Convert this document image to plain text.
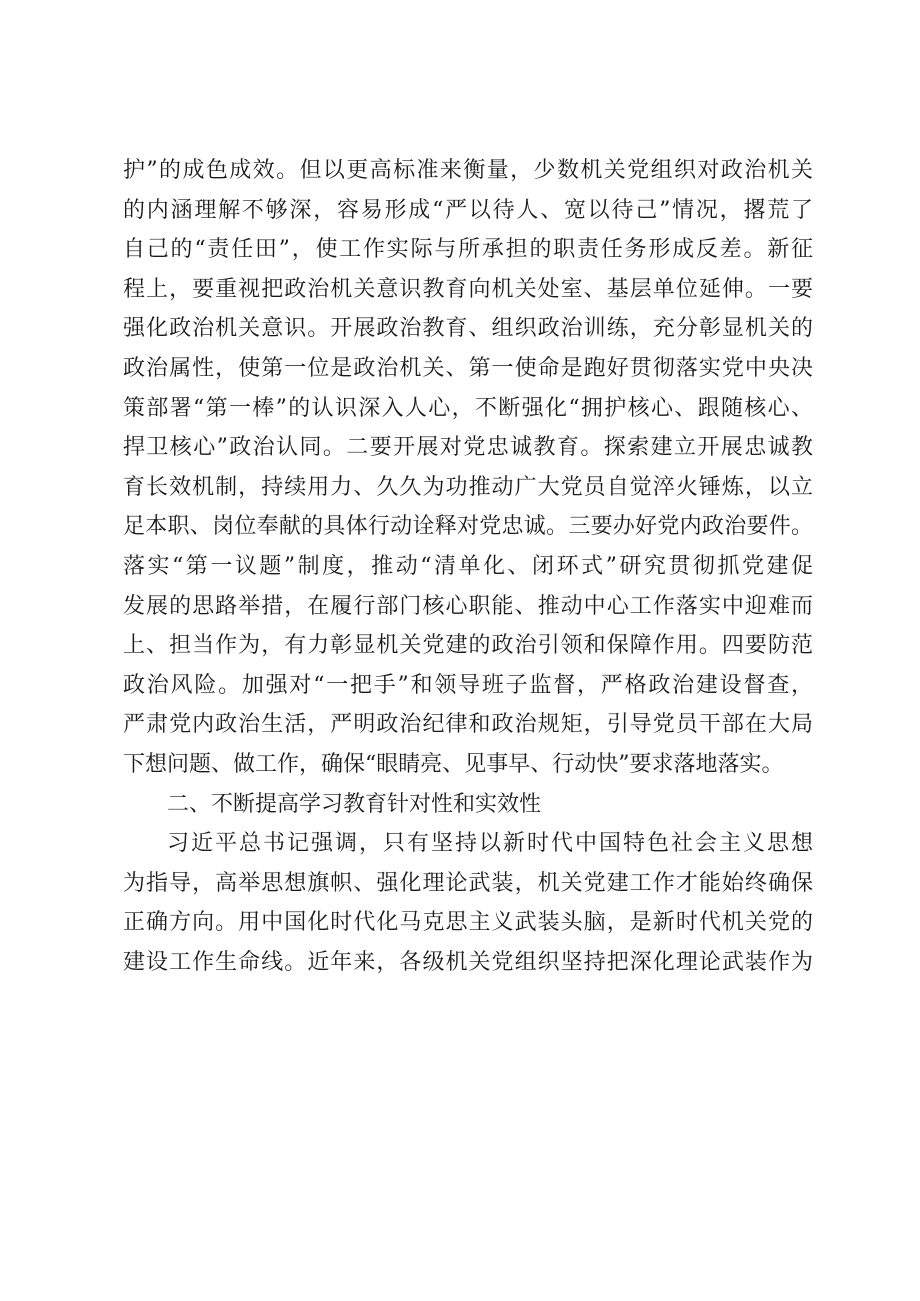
护”的成色成效。但以更高标准来衡量，少数机关党组织对政治机关
的内涵理解不够深，容易形成“严以待人、宽以待己”情况，撂荒了
自己的“责任田”，使工作实际与所承担的职责任务形成反差。新征
程上，要重视把政治机关意识教育向机关处室、基层单位延伸。一要
强化政治机关意识。开展政治教育、组织政治训练，充分彰显机关的
政治属性，使第一位是政治机关、第一使命是跑好贯彻落实党中央决
策部署“第一棒”的认识深入人心，不断强化“拥护核心、跟随核心、
捍卫核心”政治认同。二要开展对党忠诚教育。探索建立开展忠诚教
育长效机制，持续用力、久久为功推动广大党员自觉淬火锤炼，以立
足本职、岗位奉献的具体行动诠释对党忠诚。三要办好党内政治要件。
落实“第一议题”制度，推动“清单化、闭环式”研究贯彻抓党建促
发展的思路举措，在履行部门核心职能、推动中心工作落实中迎难而
上、担当作为，有力彰显机关党建的政治引领和保障作用。四要防范
政治风险。加强对“一把手”和领导班子监督，严格政治建设督查，
严肃党内政治生活，严明政治纪律和政治规矩，引导党员干部在大局
下想问题、做工作，确保“眼睛亮、见事早、行动快”要求落地落实。
二、不断提高学习教育针对性和实效性
习近平总书记强调，只有坚持以新时代中国特色社会主义思想
为指导，高举思想旗帜、强化理论武装，机关党建工作才能始终确保
正确方向。用中国化时代化马克思主义武装头脑，是新时代机关党的
建设工作生命线。近年来，各级机关党组织坚持把深化理论武装作为
